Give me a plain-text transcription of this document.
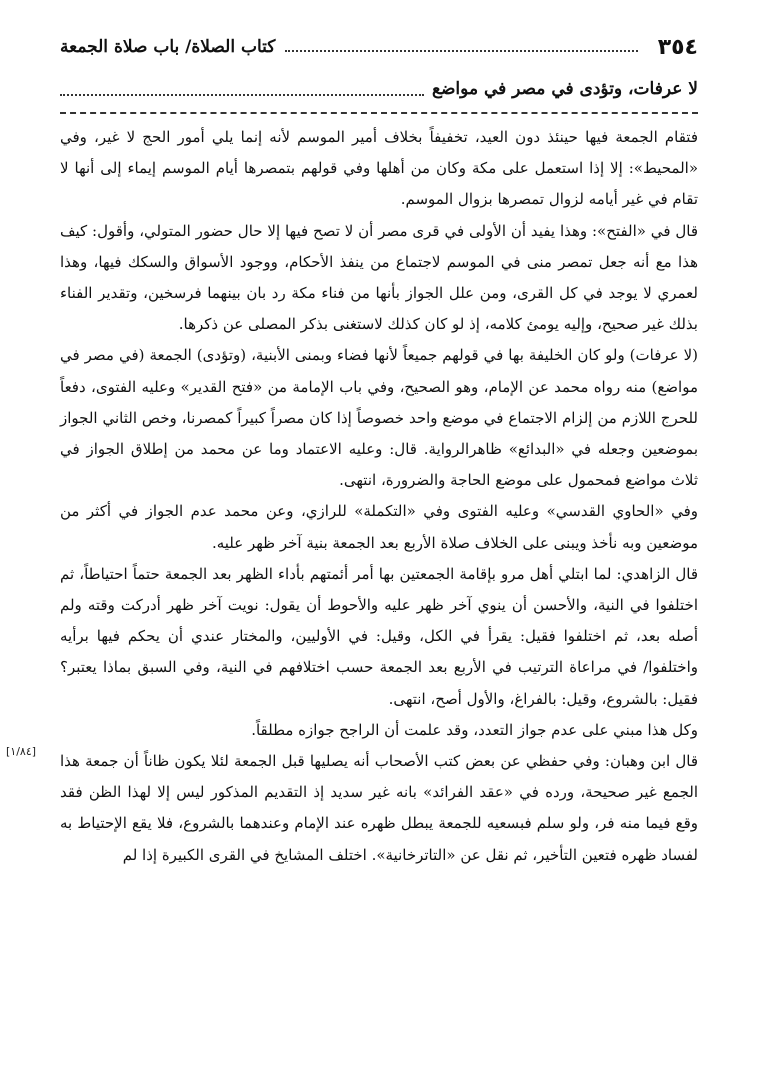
٣٥٤
كتاب الصلاة/ باب صلاة الجمعة
لا عرفات، وتؤدى في مصر في مواضع
[١/٨٤]

فتقام الجمعة فيها حينئذ دون العيد، تخفيفاً بخلاف أمير الموسم لأنه إنما يلي أمور الحج لا غير، وفي «المحيط»: إلا إذا استعمل على مكة وكان من أهلها وفي قولهم بتمصرها أيام الموسم إيماء إلى أنها لا تقام في غير أيامه لزوال تمصرها بزوال الموسم.

قال في «الفتح»: وهذا يفيد أن الأولى في قرى مصر أن لا تصح فيها إلا حال حضور المتولي، وأقول: كيف هذا مع أنه جعل تمصر منى في الموسم لاجتماع من ينفذ الأحكام، ووجود الأسواق والسكك فيها، وهذا لعمري لا يوجد في كل القرى، ومن علل الجواز بأنها من فناء مكة رد بان بينهما فرسخين، وتقدير الفناء بذلك غير صحيح، وإليه يومئ كلامه، إذ لو كان كذلك لاستغنى بذكر المصلى عن ذكرها.

(لا عرفات) ولو كان الخليفة بها في قولهم جميعاً لأنها فضاء وبمنى الأبنية، (وتؤدى) الجمعة (في مصر في مواضع) منه رواه محمد عن الإمام، وهو الصحيح، وفي باب الإمامة من «فتح القدير» وعليه الفتوى، دفعاً للحرج اللازم من إلزام الاجتماع في موضع واحد خصوصاً إذا كان مصراً كبيراً كمصرنا، وخص الثاني الجواز بموضعين وجعله في «البدائع» ظاهرالرواية. قال: وعليه الاعتماد وما عن محمد من إطلاق الجواز في ثلاث مواضع فمحمول على موضع الحاجة والضرورة، انتهى.

وفي «الحاوي القدسي» وعليه الفتوى وفي «التكملة» للرازي، وعن محمد عدم الجواز في أكثر من موضعين وبه نأخذ ويبنى على الخلاف صلاة الأربع بعد الجمعة بنية آخر ظهر عليه.

قال الزاهدي: لما ابتلي أهل مرو بإقامة الجمعتين بها أمر أئمتهم بأداء الظهر بعد الجمعة حتماً احتياطاً، ثم اختلفوا في النية، والأحسن أن ينوي آخر ظهر عليه والأحوط أن يقول: نويت آخر ظهر أدركت وقته ولم أصله بعد، ثم اختلفوا فقيل: يقرأ في الكل، وقيل: في الأوليين، والمختار عندي أن يحكم فيها برأيه واختلفوا/ في مراعاة الترتيب في الأربع بعد الجمعة حسب اختلافهم في النية، وفي السبق بماذا يعتبر؟ فقيل: بالشروع، وقيل: بالفراغ، والأول أصح، انتهى.

وكل هذا مبني على عدم جواز التعدد، وقد علمت أن الراجح جوازه مطلقاً.

قال ابن وهبان: وفي حفظي عن بعض كتب الأصحاب أنه يصليها قبل الجمعة لئلا يكون ظاناً أن جمعة هذا الجمع غير صحيحة، ورده في «عقد الفرائد» بانه غير سديد إذ التقديم المذكور ليس إلا لهذا الظن فقد وقع فيما منه فر، ولو سلم فبسعيه للجمعة يبطل ظهره عند الإمام وعندهما بالشروع، فلا يقع الإحتياط به لفساد ظهره فتعين التأخير، ثم نقل عن «التاترخانية». اختلف المشايخ في القرى الكبيرة إذا لم
